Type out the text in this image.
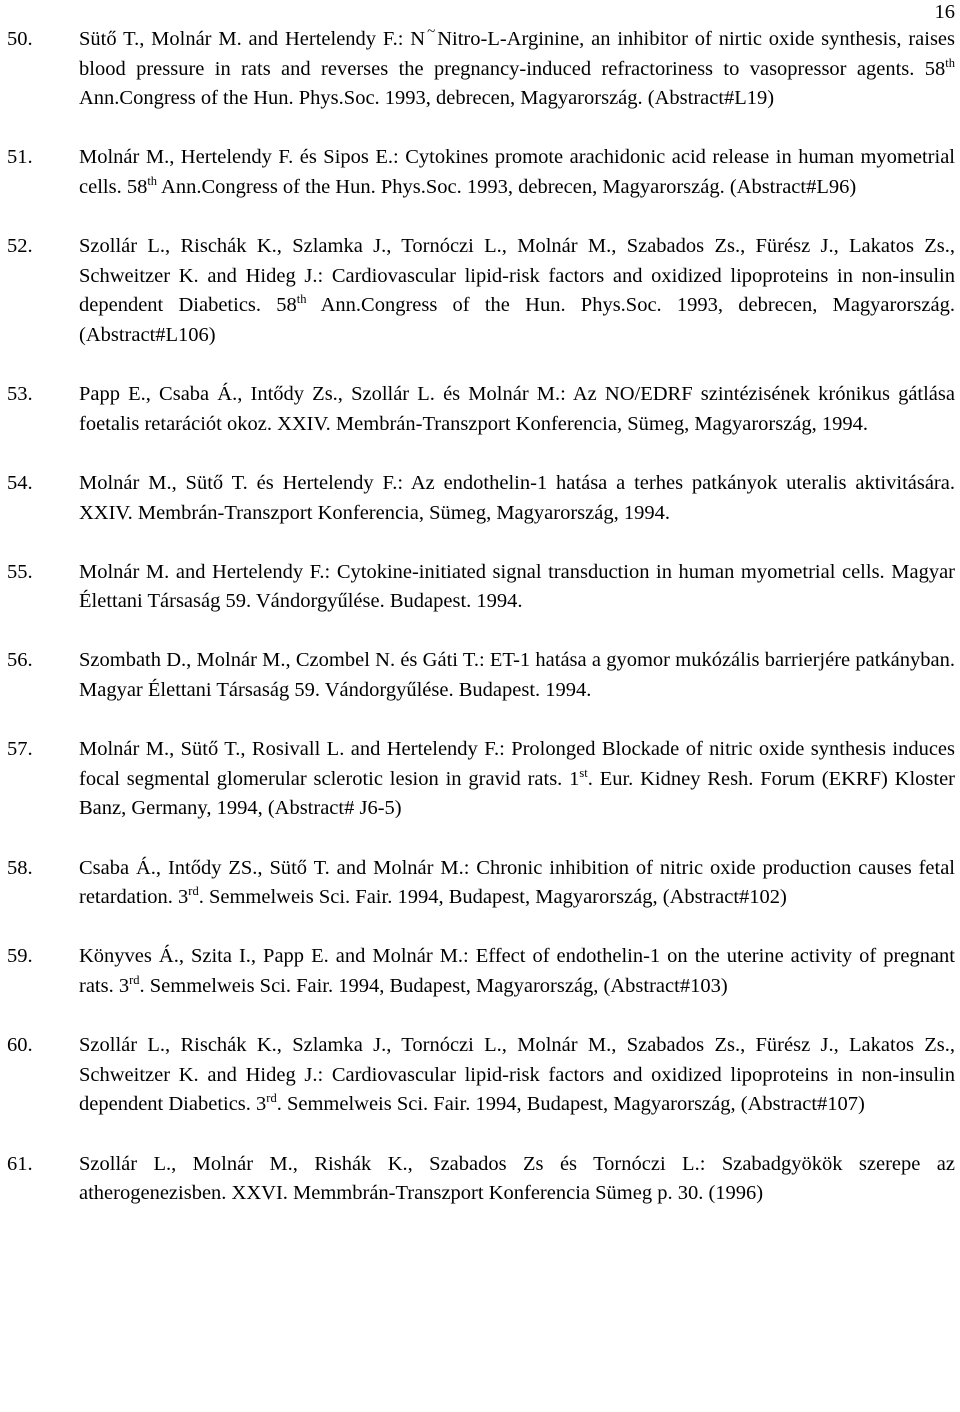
16
50.	Sütő T., Molnár M. and Hertelendy F.: N ~Nitro-L-Arginine, an inhibitor of nirtic oxide synthesis, raises blood pressure in rats and reverses the pregnancy-induced refractoriness to vasopressor agents. 58th Ann.Congress of the Hun. Phys.Soc. 1993, debrecen, Magyarország. (Abstract#L19)
51.	Molnár M., Hertelendy F. és Sipos E.: Cytokines promote arachidonic acid release in human myometrial cells. 58th Ann.Congress of the Hun. Phys.Soc. 1993, debrecen, Magyarország. (Abstract#L96)
52.	Szollár L., Rischák K., Szlamka J., Tornóczi L., Molnár M., Szabados Zs., Fürész J., Lakatos Zs., Schweitzer K. and Hideg J.: Cardiovascular lipid-risk factors and oxidized lipoproteins in non-insulin dependent Diabetics. 58th Ann.Congress of the Hun. Phys.Soc. 1993, debrecen, Magyarország. (Abstract#L106)
53.	Papp E., Csaba Á., Intődy Zs., Szollár L. és Molnár M.: Az NO/EDRF szintézisének krónikus gátlása foetalis retarációt okoz. XXIV. Membrán-Transzport Konferencia, Sümeg, Magyarország, 1994.
54.	Molnár M., Sütő T. és Hertelendy F.: Az endothelin-1 hatása a terhes patkányok uteralis aktivitására. XXIV. Membrán-Transzport Konferencia, Sümeg, Magyarország, 1994.
55.	Molnár M. and Hertelendy F.: Cytokine-initiated signal transduction in human myometrial cells. Magyar Élettani Társaság 59. Vándorgyűlése. Budapest. 1994.
56.	Szombath D., Molnár M., Czombel N. és Gáti T.: ET-1 hatása a gyomor mukózális barrierjére patkányban. Magyar Élettani Társaság 59. Vándorgyűlése. Budapest. 1994.
57.	Molnár M., Sütő T., Rosivall L. and Hertelendy F.: Prolonged Blockade of nitric oxide synthesis induces focal segmental glomerular sclerotic lesion in gravid rats. 1st. Eur. Kidney Resh. Forum (EKRF) Kloster Banz, Germany, 1994, (Abstract# J6-5)
58.	Csaba Á., Intődy ZS., Sütő T. and Molnár M.: Chronic inhibition of nitric oxide production causes fetal retardation. 3rd. Semmelweis Sci. Fair. 1994, Budapest, Magyarország, (Abstract#102)
59.	Könyves Á., Szita I., Papp E. and Molnár M.: Effect of endothelin-1 on the uterine activity of pregnant rats. 3rd. Semmelweis Sci. Fair. 1994, Budapest, Magyarország, (Abstract#103)
60.	Szollár L., Rischák K., Szlamka J., Tornóczi L., Molnár M., Szabados Zs., Fürész J., Lakatos Zs., Schweitzer K. and Hideg J.: Cardiovascular lipid-risk factors and oxidized lipoproteins in non-insulin dependent Diabetics. 3rd. Semmelweis Sci. Fair. 1994, Budapest, Magyarország, (Abstract#107)
61.	Szollár L., Molnár M., Rishák K., Szabados Zs és Tornóczi L.: Szabadgyökök szerepe az atherogenezisben. XXVI. Memmbrán-Transzport Konferencia Sümeg p. 30. (1996)
